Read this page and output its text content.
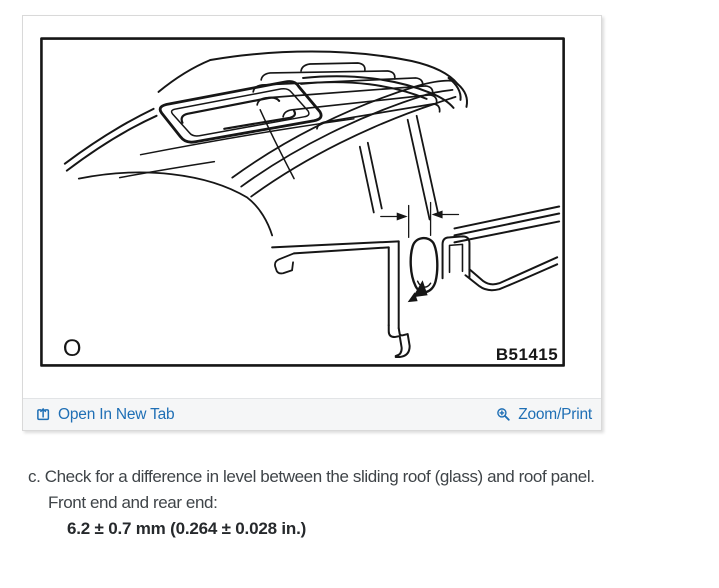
O	B51415
Open In New Tab	Zoom/Print
c. Check for a difference in level between the sliding roof (glass) and roof panel.
Front end and rear end:
6.2 ± 0.7 mm (0.264 ± 0.028 in.)
